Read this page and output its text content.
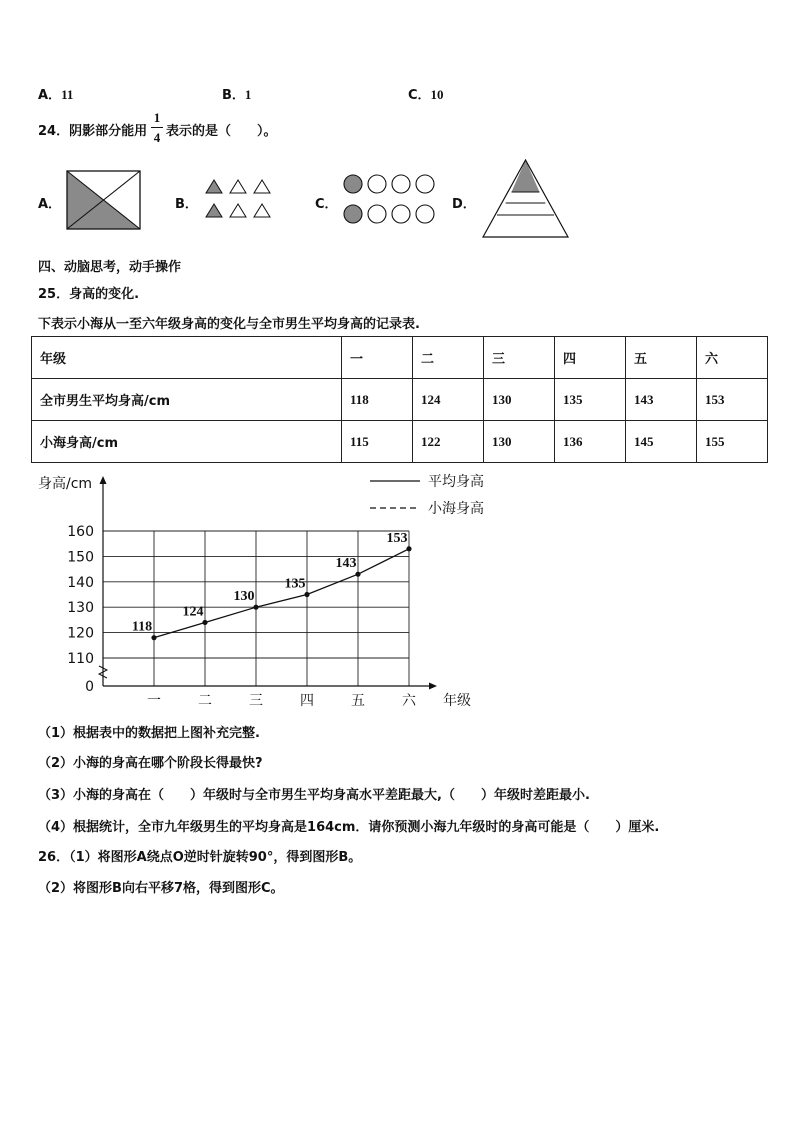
A．11	B．1	C．10
24．阴影部分能用
1
4 表示的是（　　）。
A．	B．	C．	D．
四、动脑思考，动手操作
25．身高的变化.
下表示小海从一至六年级身高的变化与全市男生平均身高的记录表.
年级	一	二	三	四	五	六
全市男生平均身高/cm	118	124	130	135	143	153
小海身高/cm	115	122	130	136	145	155
身高/cm
年级
平均身高
小海身高
160
150
140
130
120
110
0
一	二	三	四	五	六
118
124
130
135
143
153
（1）根据表中的数据把上图补充完整.
（2）小海的身高在哪个阶段长得最快?
（3）小海的身高在（　　）年级时与全市男生平均身高水平差距最大,（　　）年级时差距最小.
（4）根据统计，全市九年级男生的平均身高是164cm．请你预测小海九年级时的身高可能是（　　）厘米.
26．（1）将图形A绕点O逆时针旋转90°，得到图形B。
（2）将图形B向右平移7格，得到图形C。
